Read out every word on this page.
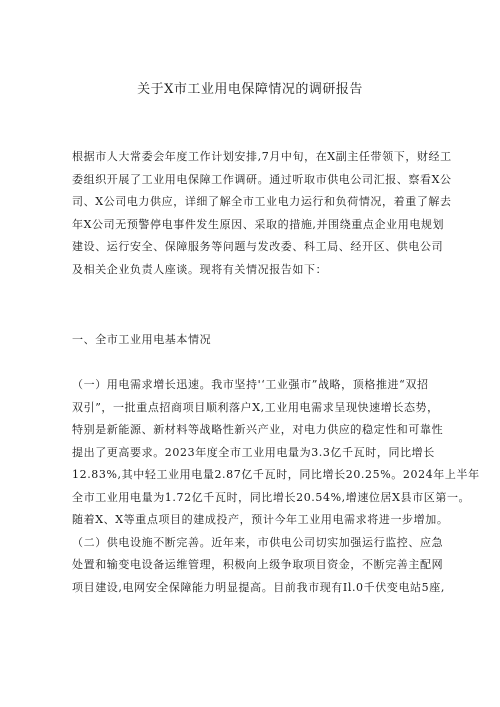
关于X市工业用电保障情况的调研报告
根据市人大常委会年度工作计划安排,7月中旬，在X副主任带领下，财经工
委组织开展了工业用电保障工作调研。通过听取市供电公司汇报、察看X公
司、X公司电力供应，详细了解全市工业电力运行和负荷情况，着重了解去
年X公司无预警停电事件发生原因、采取的措施,并围绕重点企业用电规划
建设、运行安全、保障服务等问题与发改委、科工局、经开区、供电公司
及相关企业负责人座谈。现将有关情况报告如下：
一、全市工业用电基本情况
（一）用电需求增长迅速。我市坚持'‘工业强市”战略，顶格推进“双招
双引”，一批重点招商项目顺利落户X,工业用电需求呈现快速增长态势，
特别是新能源、新材料等战略性新兴产业，对电力供应的稳定性和可靠性
提出了更高要求。2023年度全市工业用电量为3.3亿千瓦时，同比增长
12.83%,其中轻工业用电量2.87亿千瓦时，同比增长20.25%。2024年上半年
全市工业用电量为1.72亿千瓦时，同比增长20.54%,增速位居X县市区第一。
随着X、X等重点项目的建成投产，预计今年工业用电需求将进一步增加。
（二）供电设施不断完善。近年来，市供电公司切实加强运行监控、应急
处置和输变电设备运维管理，积极向上级争取项目资金，不断完善主配网
项目建设,电网安全保障能力明显提高。目前我市现有Il.0千伏变电站5座,
